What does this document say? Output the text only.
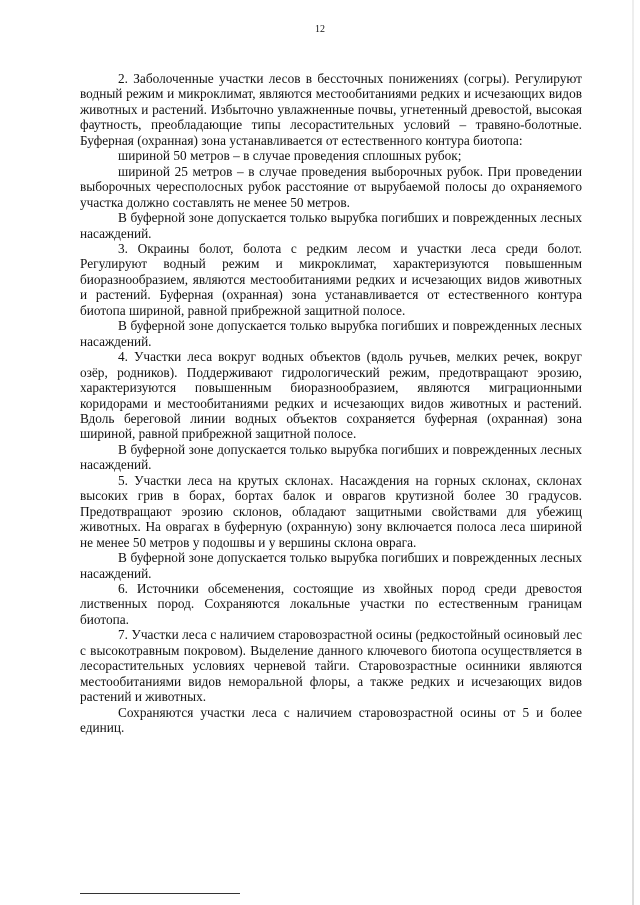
12

2. Заболоченные участки лесов в бессточных понижениях (согры). Регулируют водный режим и микроклимат, являются местообитаниями редких и исчезающих видов животных и растений. Избыточно увлажненные почвы, угнетенный древостой, высокая фаутность, преобладающие типы лесорастительных условий – травяно-болотные. Буферная (охранная) зона устанавливается от естественного контура биотопа:

шириной 50 метров – в случае проведения сплошных рубок;

шириной 25 метров – в случае проведения выборочных рубок. При проведении выборочных чересполосных рубок расстояние от вырубаемой полосы до охраняемого участка должно составлять не менее 50 метров.

В буферной зоне допускается только вырубка погибших и поврежденных лесных насаждений.

3. Окраины болот, болота с редким лесом и участки леса среди болот. Регулируют водный режим и микроклимат, характеризуются повышенным биоразнообразием, являются местообитаниями редких и исчезающих видов животных и растений. Буферная (охранная) зона устанавливается от естественного контура биотопа шириной, равной прибрежной защитной полосе.

В буферной зоне допускается только вырубка погибших и поврежденных лесных насаждений.

4. Участки леса вокруг водных объектов (вдоль ручьев, мелких речек, вокруг озёр, родников). Поддерживают гидрологический режим, предотвращают эрозию, характеризуются повышенным биоразнообразием, являются миграционными коридорами и местообитаниями редких и исчезающих видов животных и растений. Вдоль береговой линии водных объектов сохраняется буферная (охранная) зона шириной, равной прибрежной защитной полосе.

В буферной зоне допускается только вырубка погибших и поврежденных лесных насаждений.

5. Участки леса на крутых склонах. Насаждения на горных склонах, склонах высоких грив в борах, бортах балок и оврагов крутизной более 30 градусов. Предотвращают эрозию склонов, обладают защитными свойствами для убежищ животных. На оврагах в буферную (охранную) зону включается полоса леса шириной не менее 50 метров у подошвы и у вершины склона оврага.

В буферной зоне допускается только вырубка погибших и поврежденных лесных насаждений.

6. Источники обсеменения, состоящие из хвойных пород среди древостоя лиственных пород. Сохраняются локальные участки по естественным границам биотопа.

7. Участки леса с наличием старовозрастной осины (редкостойный осиновый лес с высокотравным покровом). Выделение данного ключевого биотопа осуществляется в лесорастительных условиях черневой тайги. Старовозрастные осинники являются местообитаниями видов неморальной флоры, а также редких и исчезающих видов растений и животных.

Сохраняются участки леса с наличием старовозрастной осины от 5 и более единиц.
